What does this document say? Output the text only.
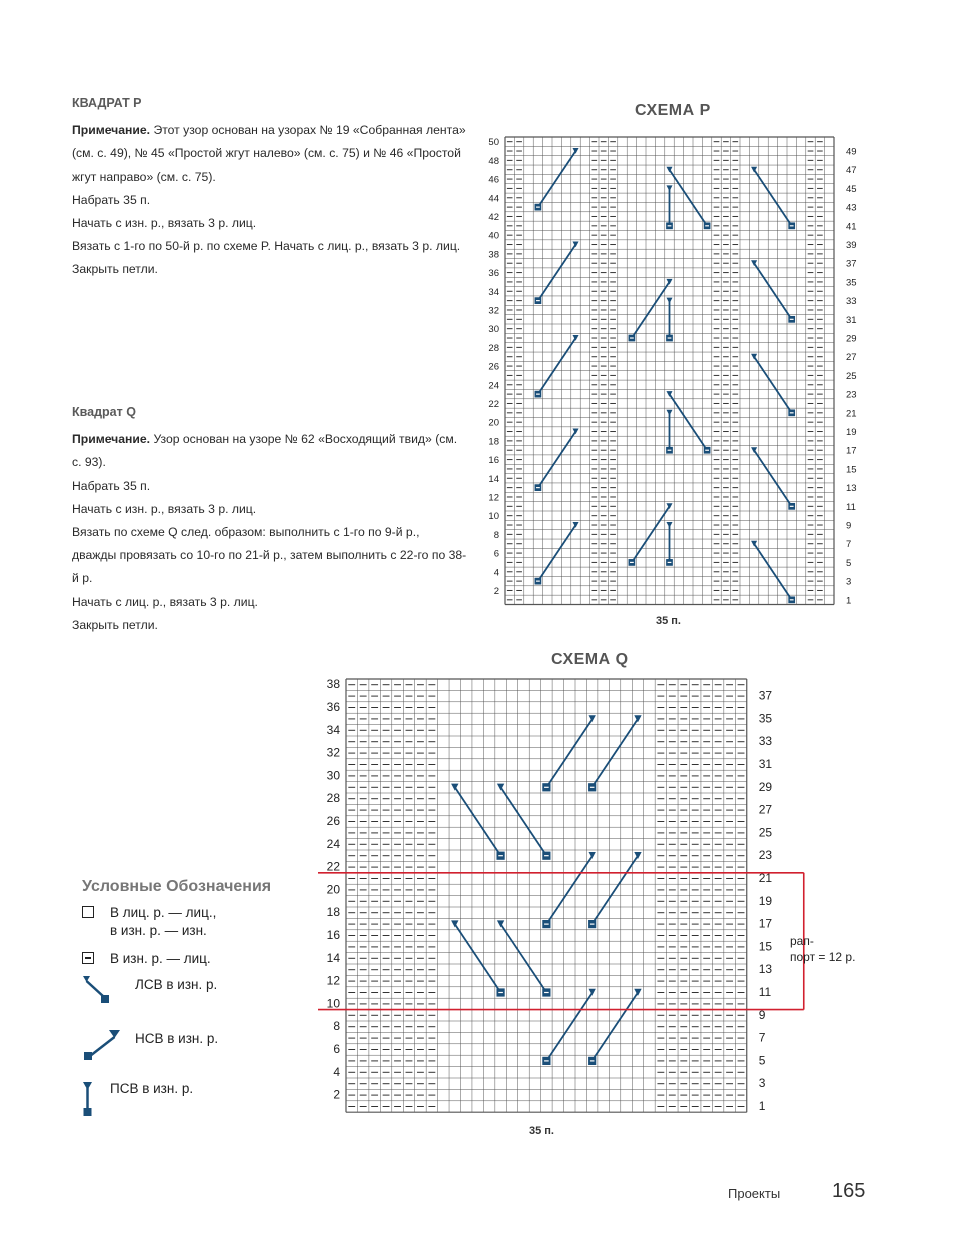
КВАДРАТ P

Примечание. Этот узор основан на узорах № 19 «Собранная лента» (см. с. 49), № 45 «Простой жгут налево» (см. с. 75) и № 46 «Простой жгут направо» (см. с. 75).

Набрать 35 п.

Начать с изн. р., вязать 3 р. лиц.

Вязать с 1-го по 50-й р. по схеме P. Начать с лиц. р., вязать 3 р. лиц.

Закрыть петли.

Квадрат Q

Примечание. Узор основан на узоре № 62 «Восходящий твид» (см. с. 93).

Набрать 35 п.

Начать с изн. р., вязать 3 р. лиц.

Вязать по схеме Q след. образом: выполнить с 1-го по 9-й р., дважды провязать со 10-го по 21-й р., затем выполнить с 22-го по 38-й р.

Начать с лиц. р., вязать 3 р. лиц.

Закрыть петли.

СХЕМА P
СХЕМА Q
35 п.
35 п.
2
4
6
8
10
12
14
16
18
20
22
24
26
28
30
32
34
36
38
40
42
44
46
48
50
1
3
5
7
9
11
13
15
17
19
21
23
25
27
29
31
33
35
37
39
41
43
45
47
49
2
4
6
8
10
12
14
16
18
20
22
24
26
28
30
32
34
36
38
1
3
5
7
9
11
13
15
17
19
21
23
25
27
29
31
33
35
37
рап-
порт = 12 р.
Условные Обозначения
В лиц. р. — лиц.,
в изн. р. — изн.
В изн. р. — лиц.
ЛСВ в изн. р.
НСВ в изн. р.
ПСВ в изн. р.
Проекты	165
